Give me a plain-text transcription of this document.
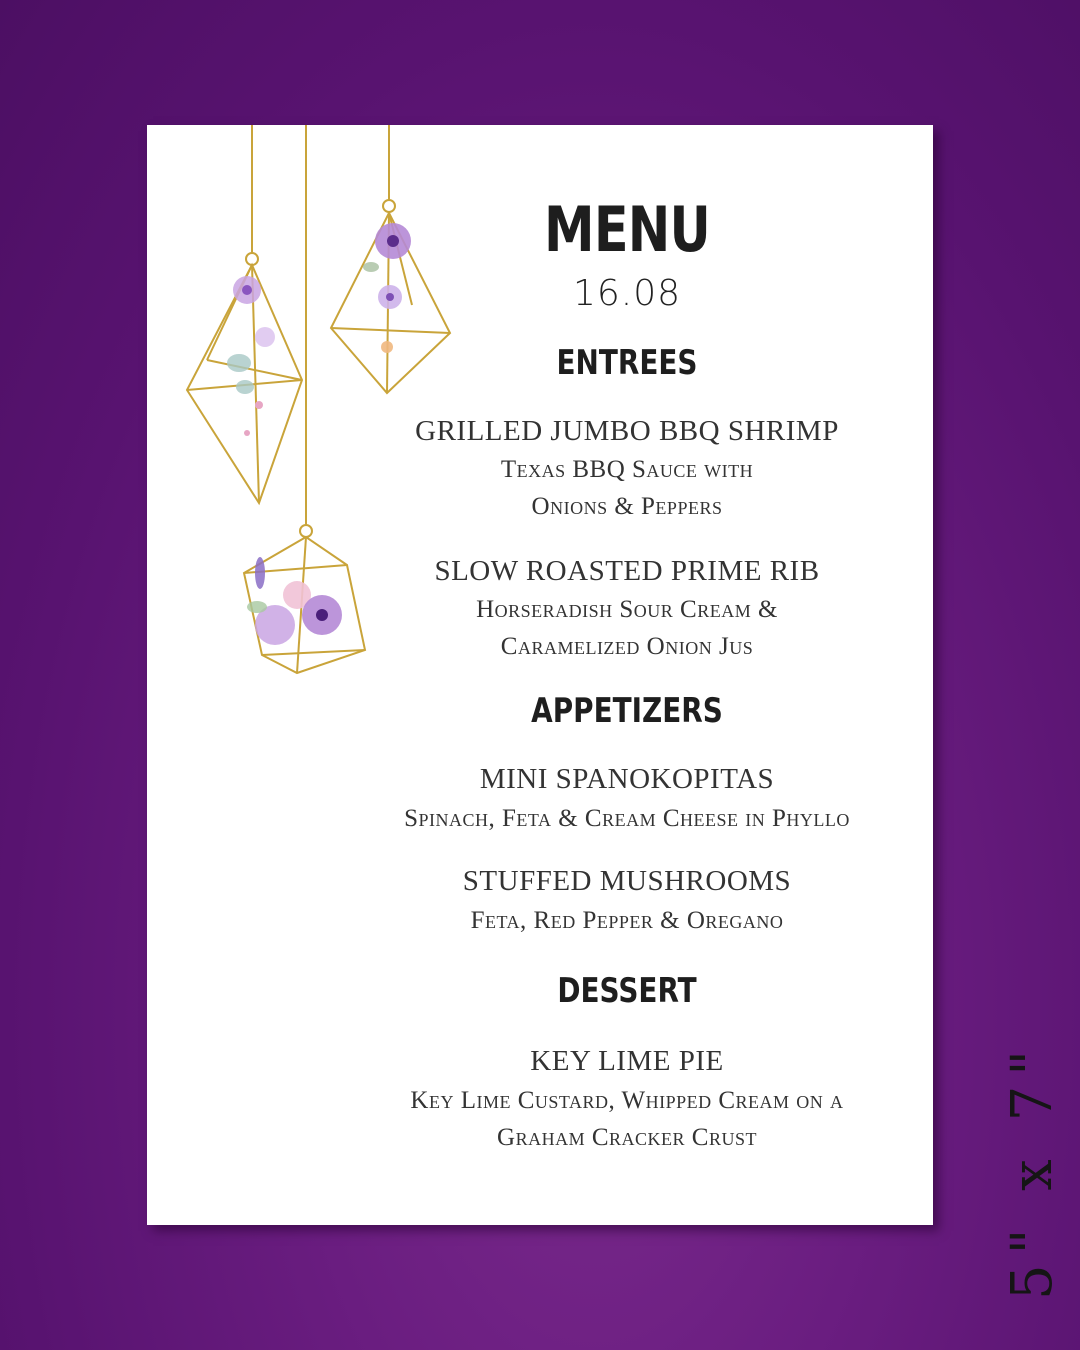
MENU
16.08
ENTREES
GRILLED JUMBO BBQ SHRIMP
Texas BBQ Sauce with
Onions & Peppers
SLOW ROASTED PRIME RIB
Horseradish Sour Cream &
Caramelized Onion Jus
APPETIZERS
MINI SPANOKOPITAS
Spinach, Feta & Cream Cheese in Phyllo
STUFFED MUSHROOMS
Feta, Red Pepper & Oregano
DESSERT
KEY LIME PIE
Key Lime Custard, Whipped Cream on a
Graham Cracker Crust	5" x 7"
